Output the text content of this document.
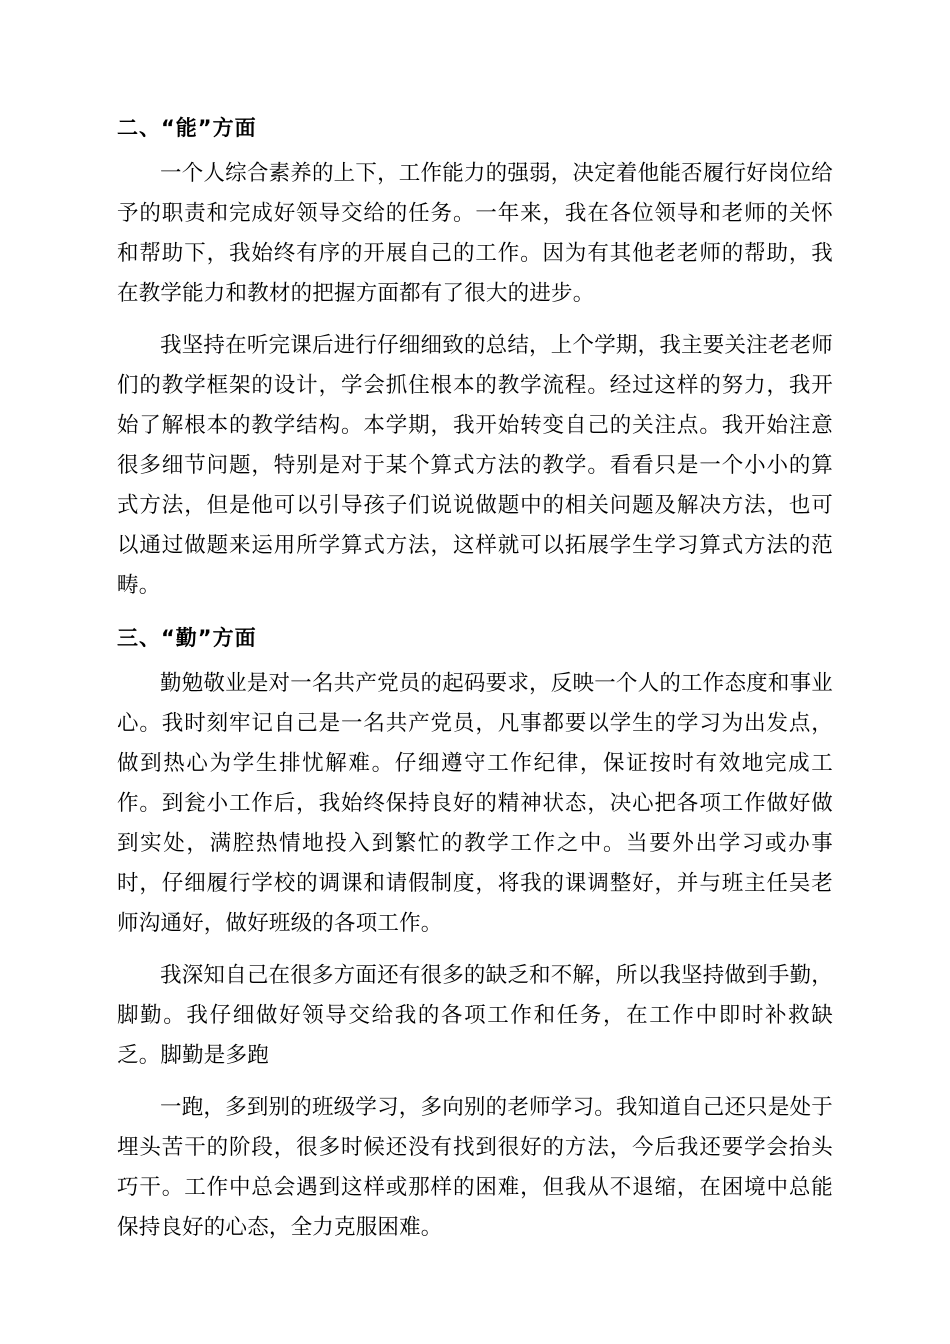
二、“能”方面

一个人综合素养的上下，工作能力的强弱，决定着他能否履行好岗位给予的职责和完成好领导交给的任务。一年来，我在各位领导和老师的关怀和帮助下，我始终有序的开展自己的工作。因为有其他老老师的帮助，我在教学能力和教材的把握方面都有了很大的进步。

我坚持在听完课后进行仔细细致的总结，上个学期，我主要关注老老师们的教学框架的设计，学会抓住根本的教学流程。经过这样的努力，我开始了解根本的教学结构。本学期，我开始转变自己的关注点。我开始注意很多细节问题，特别是对于某个算式方法的教学。看看只是一个小小的算式方法，但是他可以引导孩子们说说做题中的相关问题及解决方法，也可以通过做题来运用所学算式方法，这样就可以拓展学生学习算式方法的范畴。

三、“勤”方面

勤勉敬业是对一名共产党员的起码要求，反映一个人的工作态度和事业心。我时刻牢记自己是一名共产党员，凡事都要以学生的学习为出发点，做到热心为学生排忧解难。仔细遵守工作纪律，保证按时有效地完成工作。到瓮小工作后，我始终保持良好的精神状态，决心把各项工作做好做到实处，满腔热情地投入到繁忙的教学工作之中。当要外出学习或办事时，仔细履行学校的调课和请假制度，将我的课调整好，并与班主任吴老师沟通好，做好班级的各项工作。

我深知自己在很多方面还有很多的缺乏和不解，所以我坚持做到手勤，脚勤。我仔细做好领导交给我的各项工作和任务，在工作中即时补救缺乏。脚勤是多跑

一跑，多到别的班级学习，多向别的老师学习。我知道自己还只是处于埋头苦干的阶段，很多时候还没有找到很好的方法，今后我还要学会抬头巧干。工作中总会遇到这样或那样的困难，但我从不退缩，在困境中总能保持良好的心态，全力克服困难。
